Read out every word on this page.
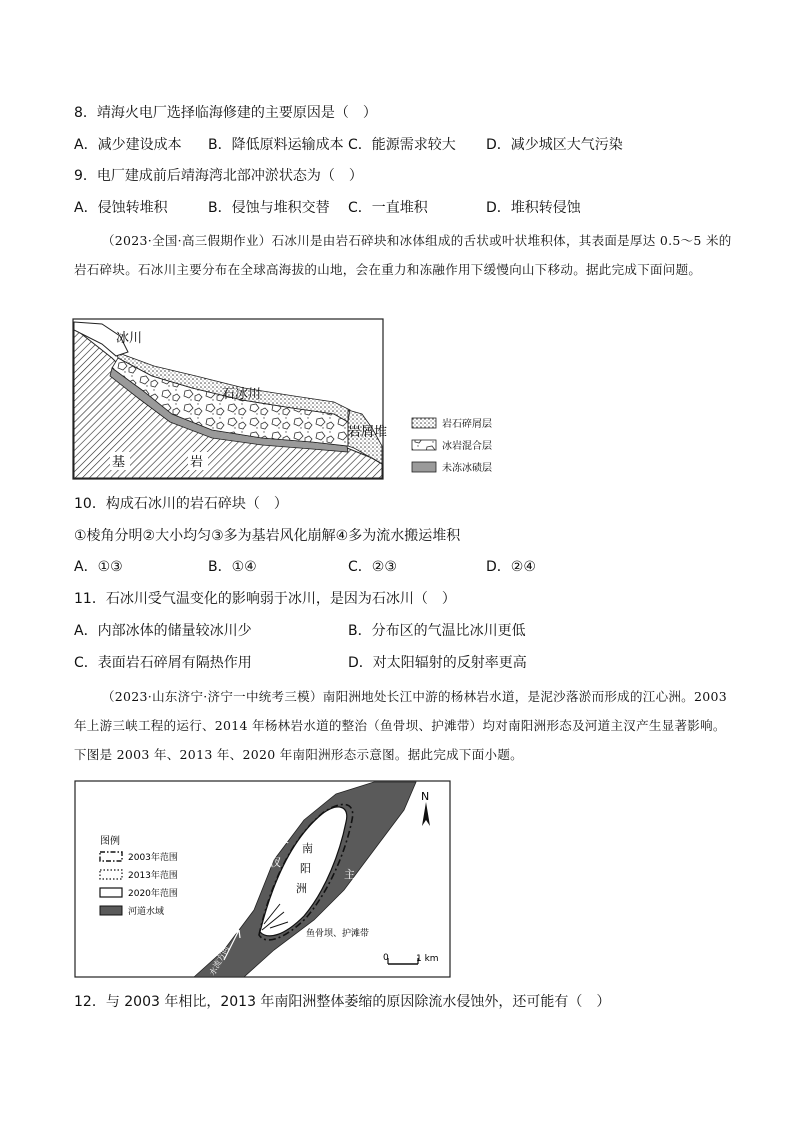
8．靖海火电厂选择临海修建的主要原因是（　）
A．减少建设成本 B．降低原料运输成本 C．能源需求较大 D．减少城区大气污染
9．电厂建成前后靖海湾北部冲淤状态为（　）
A．侵蚀转堆积	B．侵蚀与堆积交替 C．一直堆积	D．堆积转侵蚀
（2023·全国·高三假期作业）石冰川是由岩石碎块和冰体组成的舌状或叶状堆积体，其表面是厚达 0.5～5 米的岩石碎块。石冰川主要分布在全球高海拔的山地，会在重力和冻融作用下缓慢向山下移动。据此完成下面问题。
冰川
石冰川
岩屑堆
基	岩
岩石碎屑层
冰岩混合层
未冻冰碛层
10．构成石冰川的岩石碎块（　）
①棱角分明②大小均匀③多为基岩风化崩解④多为流水搬运堆积
A．①③	B．①④	C．②③	D．②④
11．石冰川受气温变化的影响弱于冰川，是因为石冰川（　）
A．内部冰体的储量较冰川少	B．分布区的气温比冰川更低
C．表面岩石碎屑有隔热作用	D．对太阳辐射的反射率更高
（2023·山东济宁·济宁一中统考三模）南阳洲地处长江中游的杨林岩水道，是泥沙落淤而形成的江心洲。2003 年上游三峡工程的运行、2014 年杨林岩水道的整治（鱼骨坝、护滩带）均对南阳洲形态及河道主汊产生显著影响。下图是 2003 年、2013 年、2020 年南阳洲形态示意图。据此完成下面小题。
南
阳
洲
支
汊
主
汊
鱼骨坝、护滩带
水流方向
N
0	1 km
图例
2003年范围
2013年范围
2020年范围
河道水域
12．与 2003 年相比，2013 年南阳洲整体萎缩的原因除流水侵蚀外，还可能有（　）
